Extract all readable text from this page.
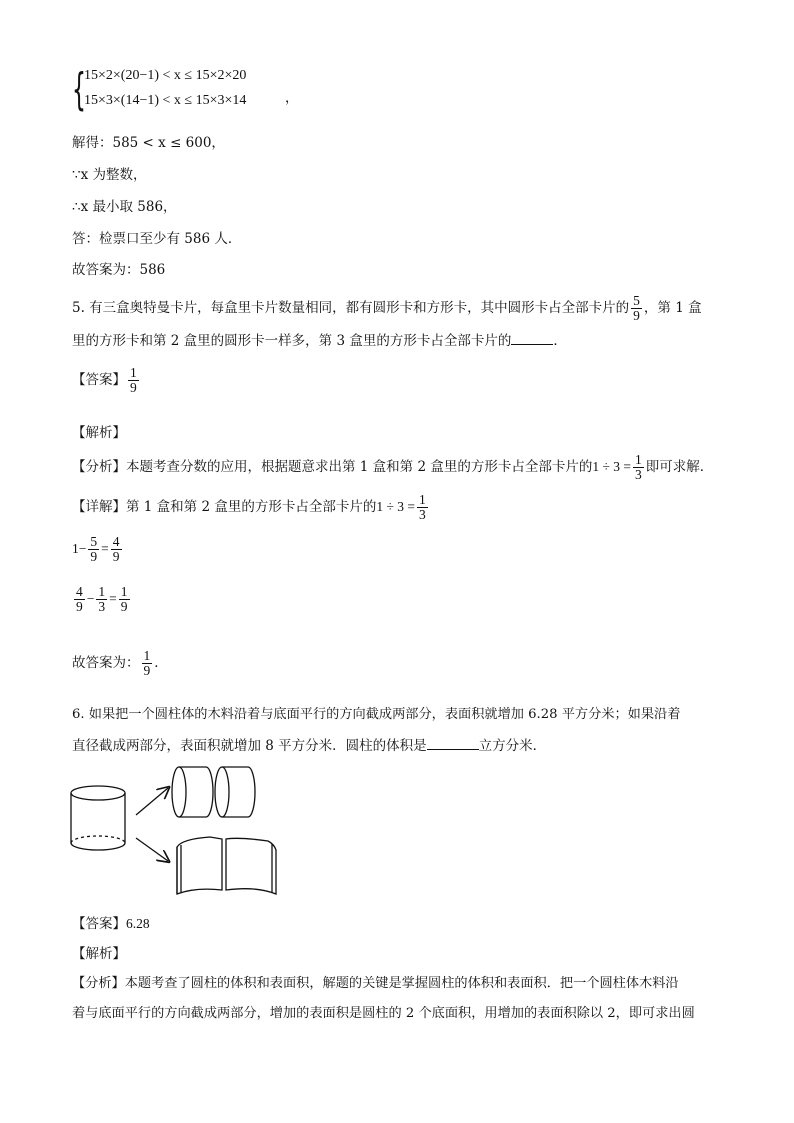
{
15×2×(20−1) < x ≤ 15×2×20
15×3×(14−1) < x ≤ 15×3×14	，
解得：585 < x ≤ 600，
∵x 为整数，
∴x 最小取 586，
答：检票口至少有 586 人．
故答案为：586
5. 有三盒奥特曼卡片，每盒里卡片数量相同，都有圆形卡和方形卡，其中圆形卡占全部卡片的 $\frac{5}{9}$ ，第 1 盒
里的方形卡和第 2 盒里的圆形卡一样多，第 3 盒里的方形卡占全部卡片的	．
【答案】 $\frac{1}{9}$
【解析】
【分析】本题考查分数的应用，根据题意求出第 1 盒和第 2 盒里的方形卡占全部卡片的$1 \div 3 = \frac{1}{3}$ 即可求解．
【详解】第 1 盒和第 2 盒里的方形卡占全部卡片的$1 \div 3 = \frac{1}{3}$
$1- \frac{5}{9} = \frac{4}{9}$
$\frac{4}{9} - \frac{1}{3} = \frac{1}{9}$
故答案为： $\frac{1}{9}$ ．
6. 如果把一个圆柱体的木料沿着与底面平行的方向截成两部分，表面积就增加 6.28 平方分米；如果沿着
直径截成两部分，表面积就增加 8 平方分米．圆柱的体积是	立方分米．
【答案】6.28
【解析】
【分析】本题考查了圆柱的体积和表面积，解题的关键是掌握圆柱的体积和表面积．把一个圆柱体木料沿
着与底面平行的方向截成两部分，增加的表面积是圆柱的 2 个底面积，用增加的表面积除以 2，即可求出圆
